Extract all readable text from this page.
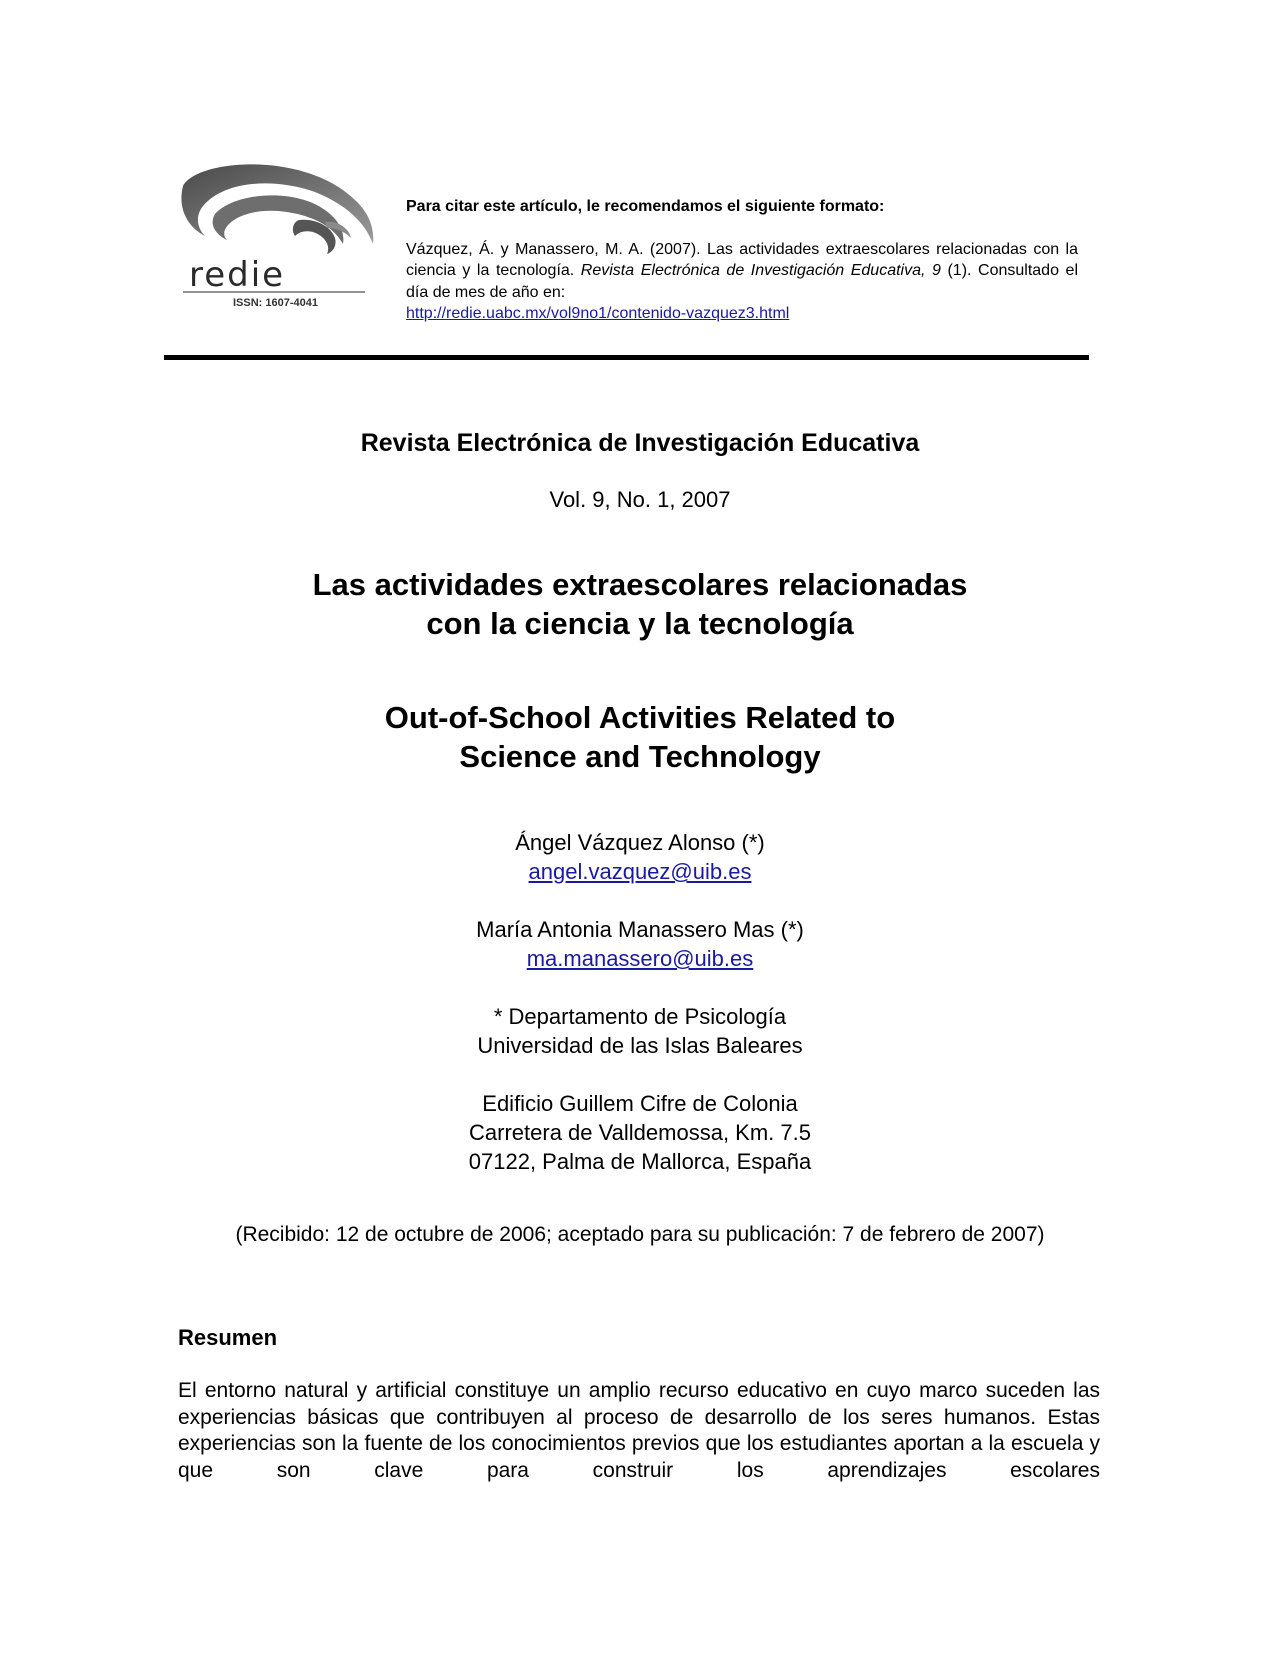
redie
ISSN: 1607-4041
Para citar este artículo, le recomendamos el siguiente formato:
Vázquez, Á. y Manassero, M. A. (2007). Las actividades extraescolares relacionadas con la ciencia y la tecnología. Revista Electrónica de Investigación Educativa, 9 (1). Consultado el día de mes de año en:
http://redie.uabc.mx/vol9no1/contenido-vazquez3.html
Revista Electrónica de Investigación Educativa
Vol. 9, No. 1, 2007
Las actividades extraescolares relacionadas
con la ciencia y la tecnología
Out-of-School Activities Related to
Science and Technology
Ángel Vázquez Alonso (*)
angel.vazquez@uib.es
María Antonia Manassero Mas (*)
ma.manassero@uib.es
* Departamento de Psicología
Universidad de las Islas Baleares
Edificio Guillem Cifre de Colonia
Carretera de Valldemossa, Km. 7.5
07122, Palma de Mallorca, España
(Recibido: 12 de octubre de 2006; aceptado para su publicación: 7 de febrero de 2007)
Resumen
El entorno natural y artificial constituye un amplio recurso educativo en cuyo marco suceden las experiencias básicas que contribuyen al proceso de desarrollo de los seres humanos. Estas experiencias son la fuente de los conocimientos previos que los estudiantes aportan a la escuela y que son clave para construir los aprendizajes escolares
